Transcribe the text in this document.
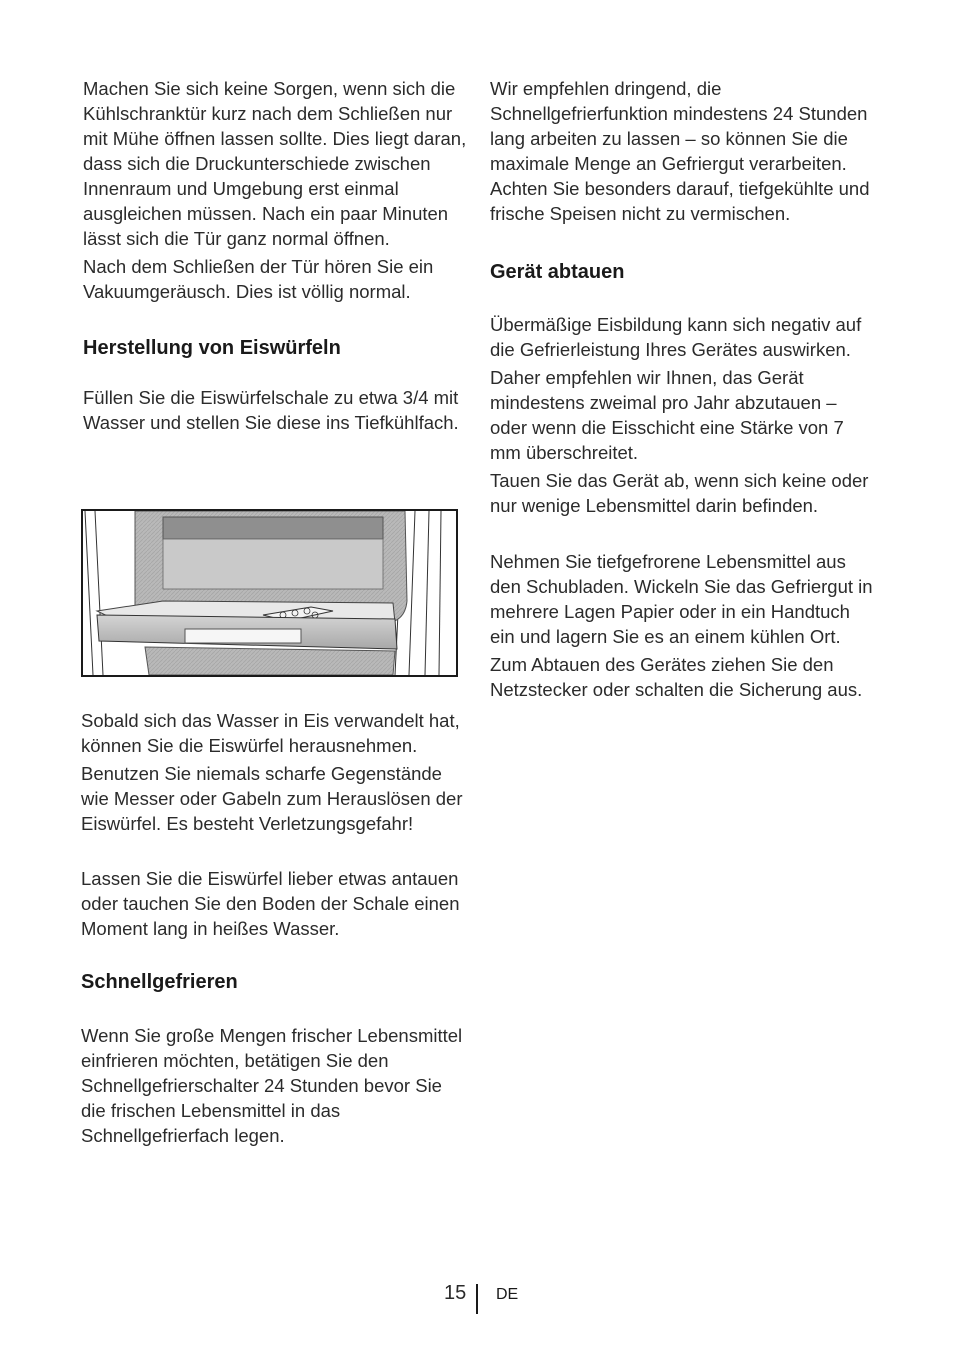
Machen Sie sich keine Sorgen, wenn sich die Kühlschranktür kurz nach dem Schließen nur mit Mühe öffnen lassen sollte. Dies liegt daran, dass sich die Druckunterschiede zwischen Innenraum und Umgebung erst einmal ausgleichen müssen. Nach ein paar Minuten lässt sich die Tür ganz normal öffnen.

Nach dem Schließen der Tür hören Sie ein Vakuumgeräusch. Dies ist völlig normal.

Herstellung von Eiswürfeln

Füllen Sie die Eiswürfelschale zu etwa 3/4 mit Wasser und stellen Sie diese ins Tiefkühlfach.

Sobald sich das Wasser in Eis verwandelt hat, können Sie die Eiswürfel herausnehmen.

Benutzen Sie niemals scharfe Gegenstände wie Messer oder Gabeln zum Herauslösen der Eiswürfel. Es besteht Verletzungsgefahr!

Lassen Sie die Eiswürfel lieber etwas antauen oder tauchen Sie den Boden der Schale einen Moment lang in heißes Wasser.

Schnellgefrieren

Wenn Sie große Mengen frischer Lebensmittel einfrieren möchten, betätigen Sie den Schnellgefrierschalter 24 Stunden bevor Sie die frischen Lebensmittel in das Schnellgefrierfach legen.

Wir empfehlen dringend, die Schnellgefrierfunktion mindestens 24 Stunden lang arbeiten zu lassen – so können Sie die maximale Menge an Gefriergut verarbeiten. Achten Sie besonders darauf, tiefgekühlte und frische Speisen nicht zu vermischen.

Gerät abtauen

Übermäßige Eisbildung kann sich negativ auf die Gefrierleistung Ihres Gerätes auswirken.

Daher empfehlen wir Ihnen, das Gerät mindestens zweimal pro Jahr abzutauen – oder wenn die Eisschicht eine Stärke von 7 mm überschreitet.

Tauen Sie das Gerät ab, wenn sich keine oder nur wenige Lebensmittel darin befinden.

Nehmen Sie tiefgefrorene Lebensmittel aus den Schubladen. Wickeln Sie das Gefriergut in mehrere Lagen Papier oder in ein Handtuch ein und lagern Sie es an einem kühlen Ort.

Zum Abtauen des Gerätes ziehen Sie den Netzstecker oder schalten die Sicherung aus.

15 DE
